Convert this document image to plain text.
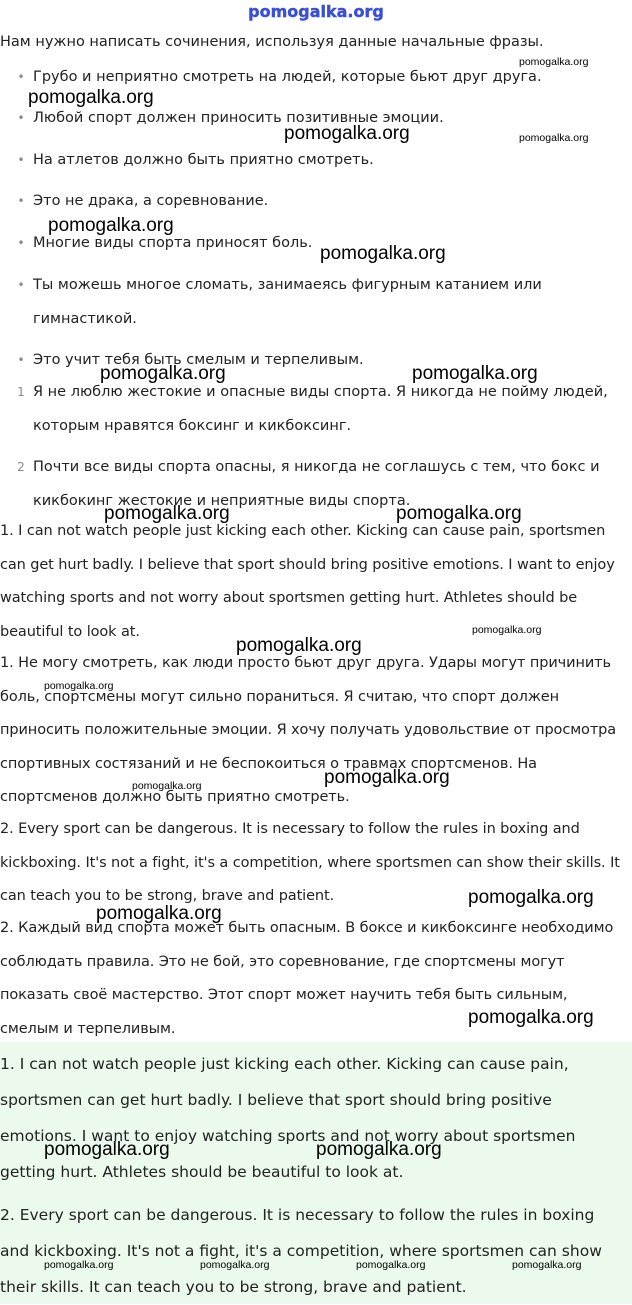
pomogalka.org
Нам нужно написать сочинения, используя данные начальные фразы.
• Грубо и неприятно смотреть на людей, которые бьют друг друга.
• Любой спорт должен приносить позитивные эмоции.
• На атлетов должно быть приятно смотреть.
• Это не драка, а соревнование.
• Многие виды спорта приносят боль.
• Ты можешь многое сломать, занимаеясь фигурным катанием или гимнастикой.
• Это учит тебя быть смелым и терпеливым.
1 Я не люблю жестокие и опасные виды спорта. Я никогда не пойму людей, которым нравятся боксинг и кикбоксинг.
2 Почти все виды спорта опасны, я никогда не соглашусь с тем, что бокс и кикбокинг жестокие и неприятные виды спорта.
1. I can not watch people just kicking each other. Kicking can cause pain, sportsmen can get hurt badly. I believe that sport should bring positive emotions. I want to enjoy watching sports and not worry about sportsmen getting hurt. Athletes should be beautiful to look at.
1. Не могу смотреть, как люди просто бьют друг друга. Удары могут причинить боль, спортсмены могут сильно пораниться. Я считаю, что спорт должен приносить положительные эмоции. Я хочу получать удовольствие от просмотра спортивных состязаний и не беспокоиться о травмах спортсменов. На спортсменов должно быть приятно смотреть.
2. Every sport can be dangerous. It is necessary to follow the rules in boxing and kickboxing. It's not a fight, it's a competition, where sportsmen can show their skills. It can teach you to be strong, brave and patient.
2. Каждый вид спорта может быть опасным. В боксе и кикбоксинге необходимо соблюдать правила. Это не бой, это соревнование, где спортсмены могут показать своё мастерство. Этот спорт может научить тебя быть сильным, смелым и терпеливым.

1. I can not watch people just kicking each other. Kicking can cause pain, sportsmen can get hurt badly. I believe that sport should bring positive emotions. I want to enjoy watching sports and not worry about sportsmen getting hurt. Athletes should be beautiful to look at.

2. Every sport can be dangerous. It is necessary to follow the rules in boxing and kickboxing. It's not a fight, it's a competition, where sportsmen can show their skills. It can teach you to be strong, brave and patient.

pomogalka.org
pomogalka.org
pomogalka.org	pomogalka.org
pomogalka.org
pomogalka.org
pomogalka.org	pomogalka.org
pomogalka.org	pomogalka.org
pomogalka.org
pomogalka.org
pomogalka.org
pomogalka.org
pomogalka.org
pomogalka.org
pomogalka.org
pomogalka.org
pomogalka.org	pomogalka.org
pomogalka.org	pomogalka.org	pomogalka.org	pomogalka.org
